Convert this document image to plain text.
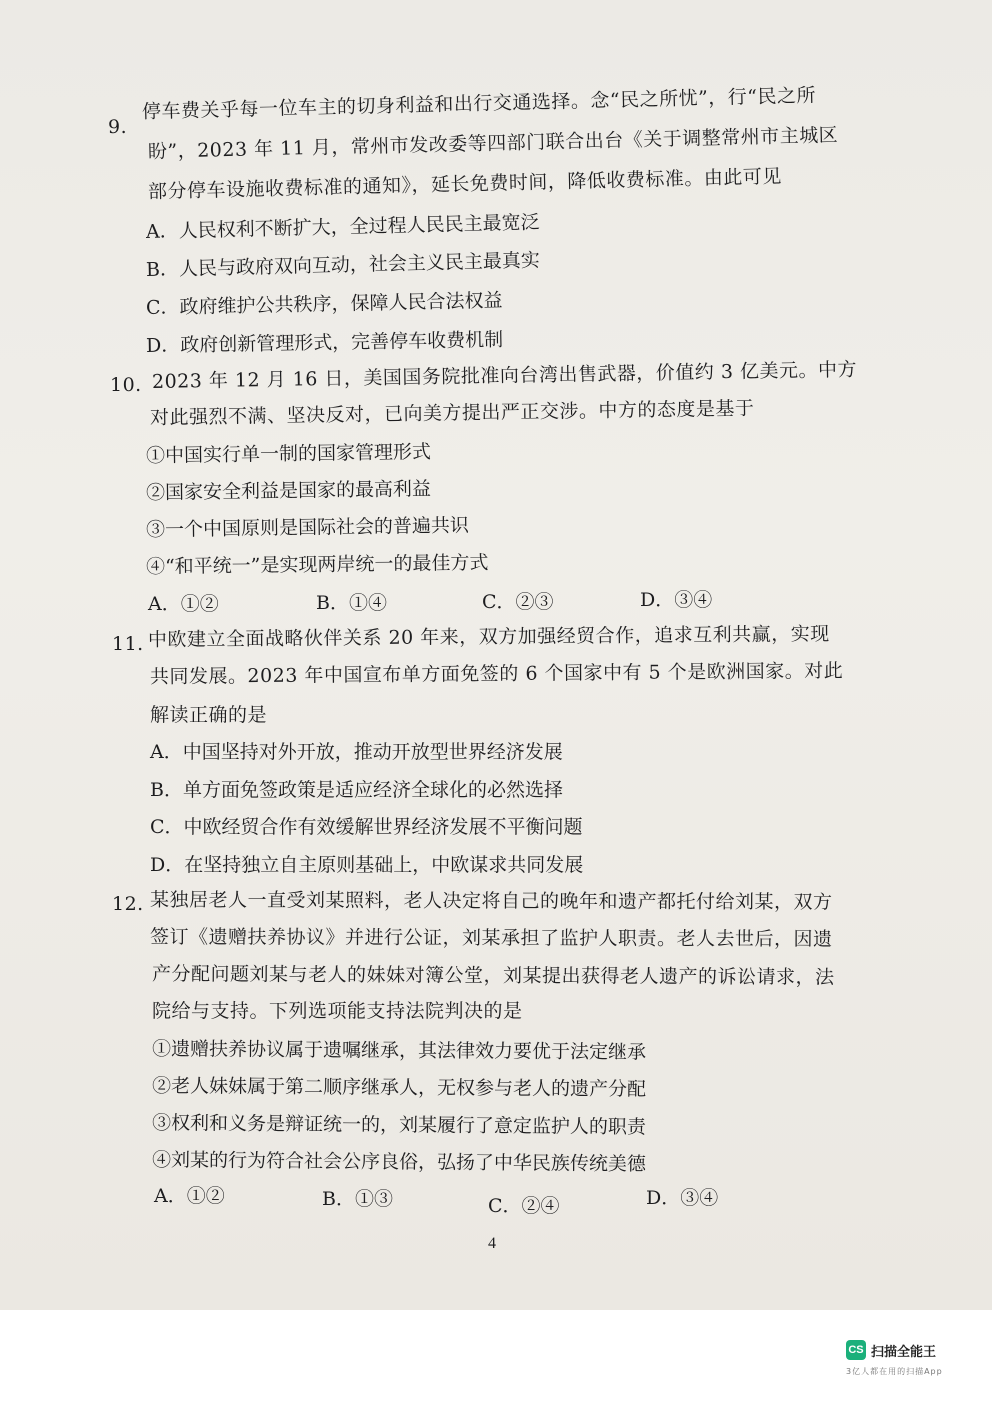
9.
停车费关乎每一位车主的切身利益和出行交通选择。念“民之所忧”，行“民之所
盼”，2023 年 11 月，常州市发改委等四部门联合出台《关于调整常州市主城区
部分停车设施收费标准的通知》，延长免费时间，降低收费标准。由此可见
A．人民权利不断扩大，全过程人民民主最宽泛
B．人民与政府双向互动，社会主义民主最真实
C．政府维护公共秩序，保障人民合法权益
D．政府创新管理形式，完善停车收费机制
10. 2023 年 12 月 16 日，美国国务院批准向台湾出售武器，价值约 3 亿美元。中方
对此强烈不满、坚决反对，已向美方提出严正交涉。中方的态度是基于
①中国实行单一制的国家管理形式
②国家安全利益是国家的最高利益
③一个中国原则是国际社会的普遍共识
④“和平统一”是实现两岸统一的最佳方式
A．①②	B．①④	C．②③	D．③④
11. 中欧建立全面战略伙伴关系 20 年来，双方加强经贸合作，追求互利共赢，实现
共同发展。2023 年中国宣布单方面免签的 6 个国家中有 5 个是欧洲国家。对此
解读正确的是
A．中国坚持对外开放，推动开放型世界经济发展
B．单方面免签政策是适应经济全球化的必然选择
C．中欧经贸合作有效缓解世界经济发展不平衡问题
D．在坚持独立自主原则基础上，中欧谋求共同发展
12. 某独居老人一直受刘某照料，老人决定将自己的晚年和遗产都托付给刘某，双方
签订《遗赠扶养协议》并进行公证，刘某承担了监护人职责。老人去世后，因遗
产分配问题刘某与老人的妹妹对簿公堂，刘某提出获得老人遗产的诉讼请求，法
院给与支持。下列选项能支持法院判决的是
①遗赠扶养协议属于遗嘱继承，其法律效力要优于法定继承
②老人妹妹属于第二顺序继承人，无权参与老人的遗产分配
③权利和义务是辩证统一的，刘某履行了意定监护人的职责
④刘某的行为符合社会公序良俗，弘扬了中华民族传统美德
A．①②	B．①③	C．②④	D．③④
4
CS 扫描全能王
3亿人都在用的扫描App
